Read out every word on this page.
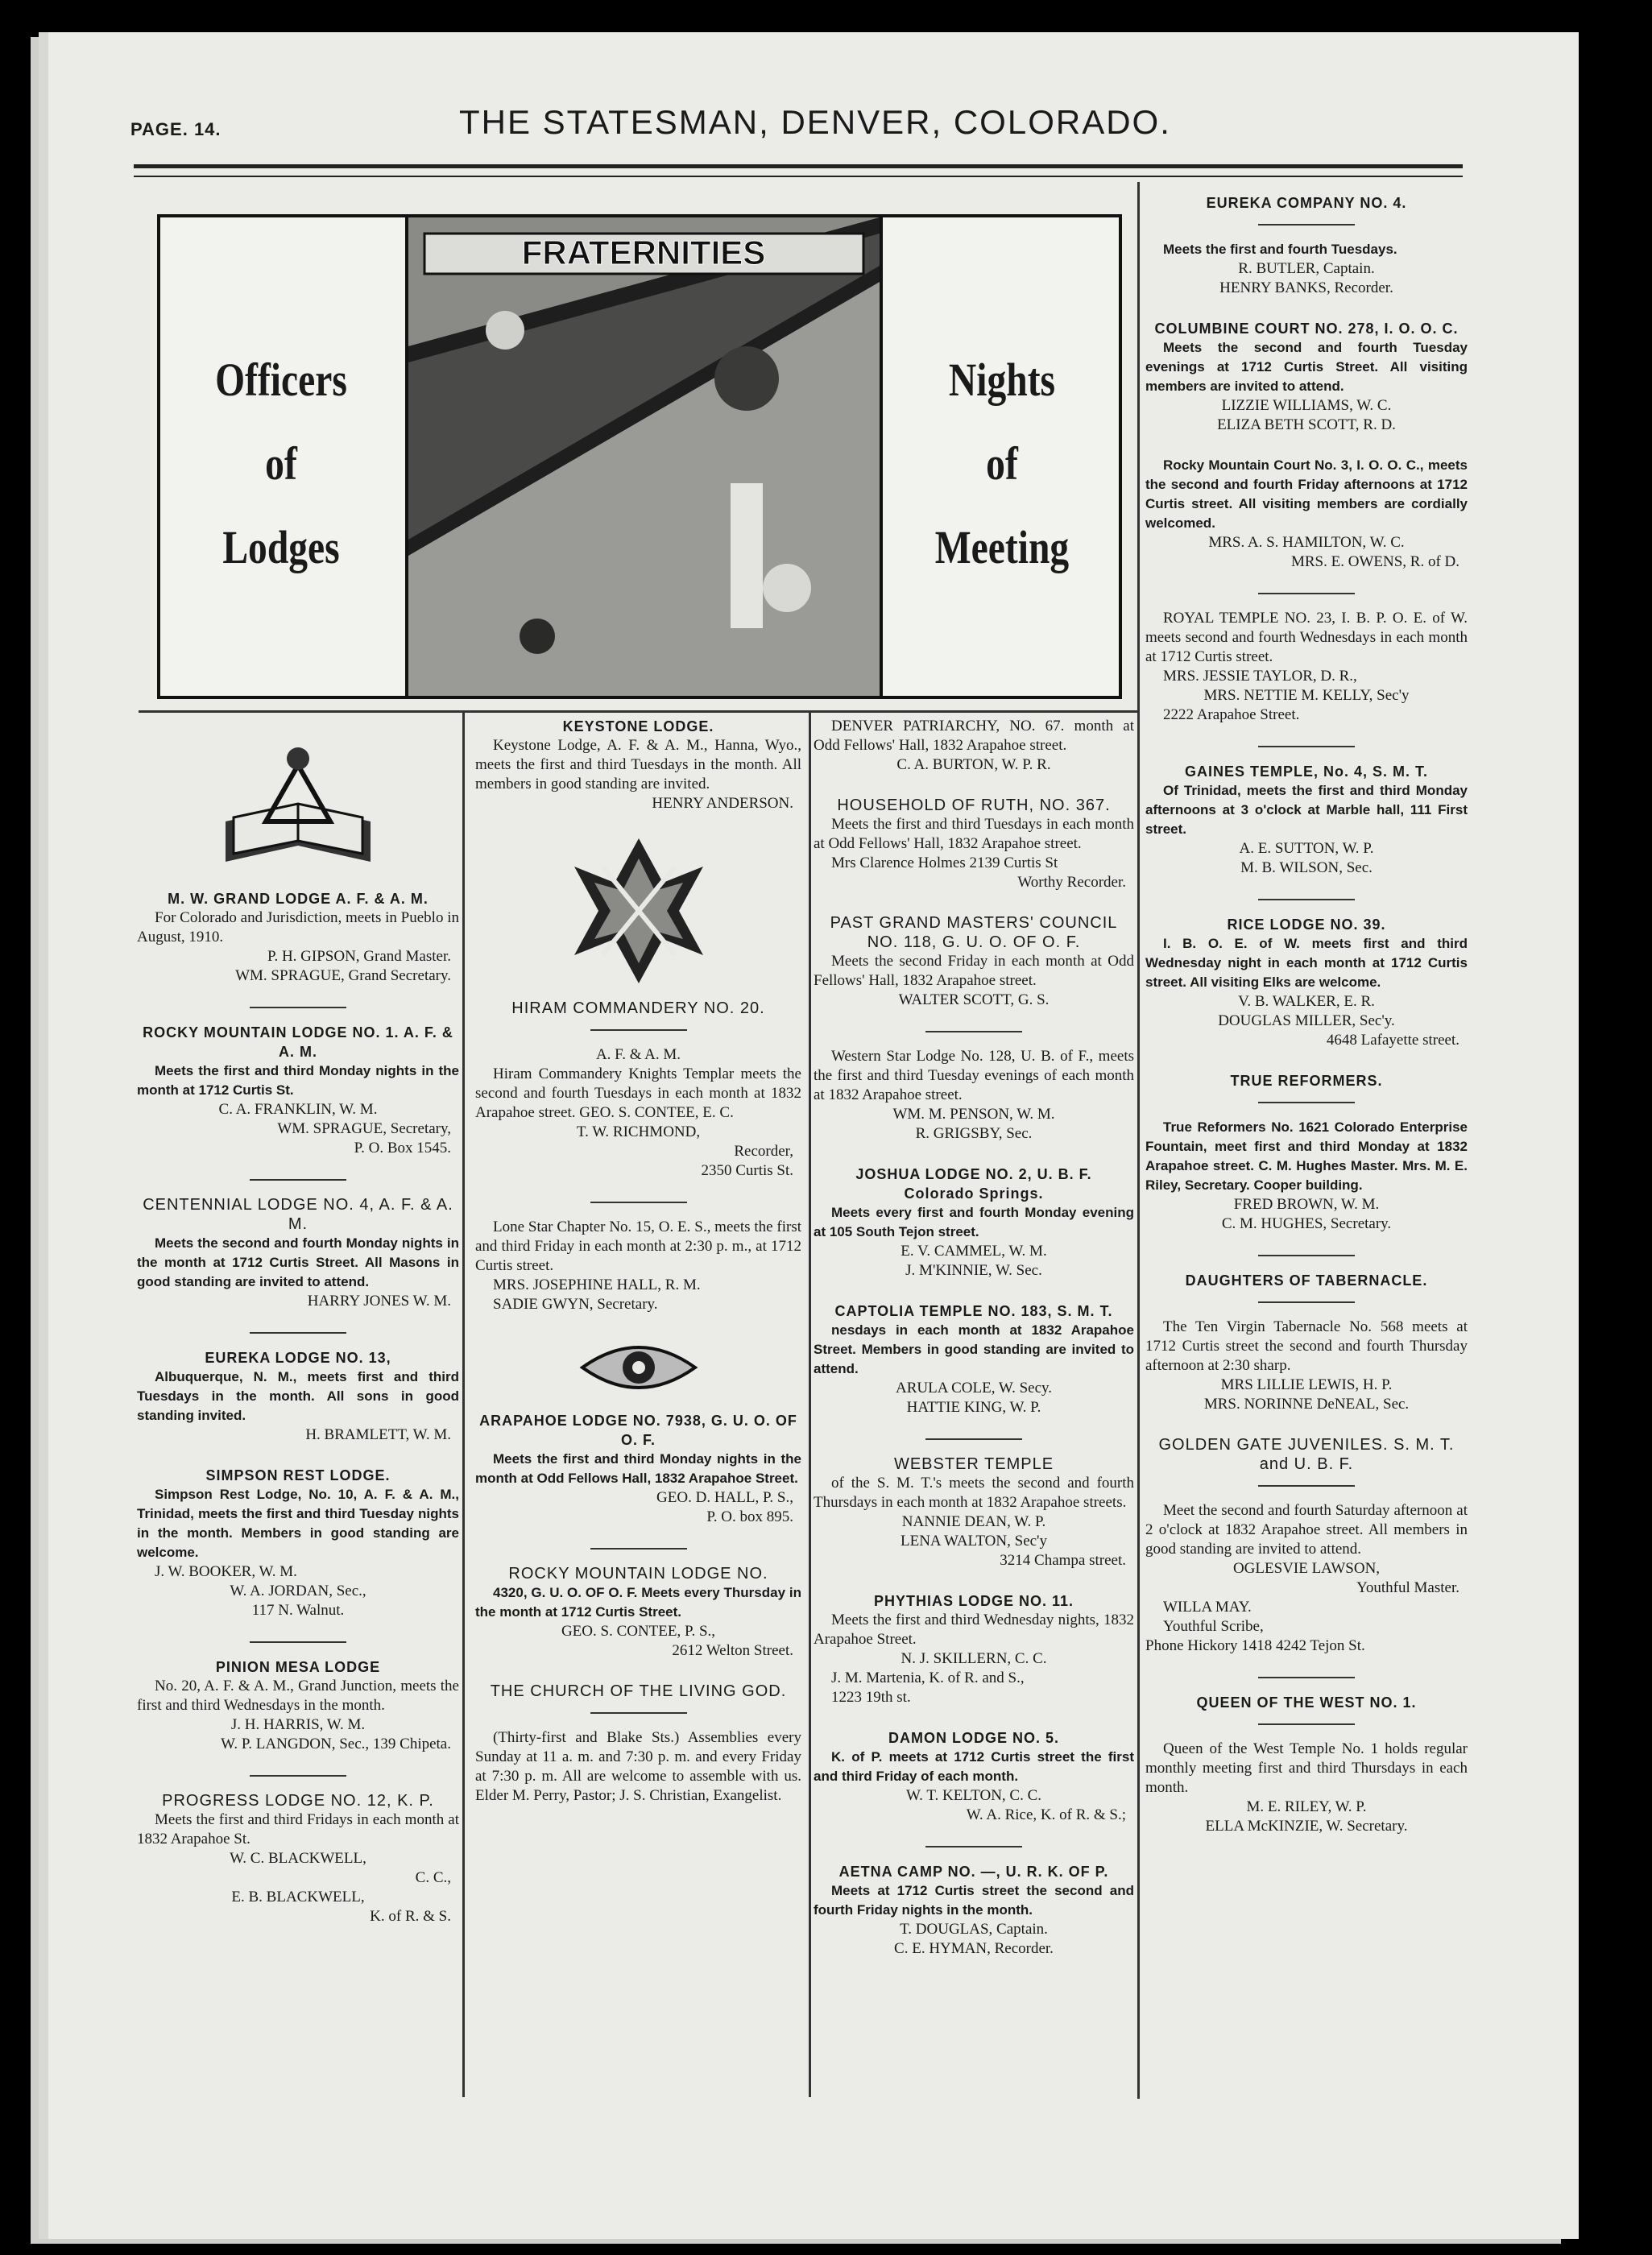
PAGE. 14.	THE STATESMAN, DENVER, COLORADO.
Officers
of
Lodges
FRATERNITIES
Nights
of
Meeting

M. W. GRAND LODGE A. F. & A. M.

For Colorado and Jurisdiction, meets in Pueblo in August, 1910.

P. H. GIPSON, Grand Master.

WM. SPRAGUE, Grand Secretary.

ROCKY MOUNTAIN LODGE NO. 1. A. F. & A. M.

Meets the first and third Monday nights in the month at 1712 Curtis St.

C. A. FRANKLIN, W. M.

WM. SPRAGUE, Secretary,

P. O. Box 1545.

CENTENNIAL LODGE NO. 4, A. F. & A. M.

Meets the second and fourth Monday nights in the month at 1712 Curtis Street. All Masons in good standing are invited to attend.

HARRY JONES W. M.

EUREKA LODGE NO. 13,

Albuquerque, N. M., meets first and third Tuesdays in the month. All sons in good standing invited.

H. BRAMLETT, W. M.

SIMPSON REST LODGE.

Simpson Rest Lodge, No. 10, A. F. & A. M., Trinidad, meets the first and third Tuesday nights in the month. Members in good standing are welcome.

J. W. BOOKER, W. M.

W. A. JORDAN, Sec.,

117 N. Walnut.

PINION MESA LODGE

No. 20, A. F. & A. M., Grand Junction, meets the first and third Wednesdays in the month.

J. H. HARRIS, W. M.

W. P. LANGDON, Sec., 139 Chipeta.

PROGRESS LODGE NO. 12, K. P.

Meets the first and third Fridays in each month at 1832 Arapahoe St.

W. C. BLACKWELL,

C. C.,

E. B. BLACKWELL,

K. of R. & S.

KEYSTONE LODGE.

Keystone Lodge, A. F. & A. M., Hanna, Wyo., meets the first and third Tuesdays in the month. All members in good standing are invited.

HENRY ANDERSON.

HIRAM COMMANDERY NO. 20.

A. F. & A. M.

Hiram Commandery Knights Templar meets the second and fourth Tuesdays in each month at 1832 Arapahoe street. GEO. S. CONTEE, E. C.

T. W. RICHMOND,

Recorder,

2350 Curtis St.

Lone Star Chapter No. 15, O. E. S., meets the first and third Friday in each month at 2:30 p. m., at 1712 Curtis street.

MRS. JOSEPHINE HALL, R. M.

SADIE GWYN, Secretary.

ARAPAHOE LODGE NO. 7938, G. U. O. OF O. F.

Meets the first and third Monday nights in the month at Odd Fellows Hall, 1832 Arapahoe Street.

GEO. D. HALL, P. S.,

P. O. box 895.

ROCKY MOUNTAIN LODGE NO.

4320, G. U. O. OF O. F. Meets every Thursday in the month at 1712 Curtis Street.

GEO. S. CONTEE, P. S.,

2612 Welton Street.

THE CHURCH OF THE LIVING GOD.

(Thirty-first and Blake Sts.) Assemblies every Sunday at 11 a. m. and 7:30 p. m. and every Friday at 7:30 p. m. All are welcome to assemble with us. Elder M. Perry, Pastor; J. S. Christian, Exangelist.

DENVER PATRIARCHY, NO. 67. month at Odd Fellows' Hall, 1832 Arapahoe street.

C. A. BURTON, W. P. R.

HOUSEHOLD OF RUTH, NO. 367.

Meets the first and third Tuesdays in each month at Odd Fellows' Hall, 1832 Arapahoe street.

Mrs Clarence Holmes 2139 Curtis St

Worthy Recorder.

PAST GRAND MASTERS' COUNCIL NO. 118, G. U. O. OF O. F.

Meets the second Friday in each month at Odd Fellows' Hall, 1832 Arapahoe street.

WALTER SCOTT, G. S.

Western Star Lodge No. 128, U. B. of F., meets the first and third Tuesday evenings of each month at 1832 Arapahoe street.

WM. M. PENSON, W. M.

R. GRIGSBY, Sec.

JOSHUA LODGE NO. 2, U. B. F.

Colorado Springs.

Meets every first and fourth Monday evening at 105 South Tejon street.

E. V. CAMMEL, W. M.

J. M'KINNIE, W. Sec.

CAPTOLIA TEMPLE NO. 183, S. M. T.

nesdays in each month at 1832 Arapahoe Street. Members in good standing are invited to attend.

ARULA COLE, W. Secy.

HATTIE KING, W. P.

WEBSTER TEMPLE

of the S. M. T.'s meets the second and fourth Thursdays in each month at 1832 Arapahoe streets.

NANNIE DEAN, W. P.

LENA WALTON, Sec'y

3214 Champa street.

PHYTHIAS LODGE NO. 11.

Meets the first and third Wednesday nights, 1832 Arapahoe Street.

N. J. SKILLERN, C. C.

J. M. Martenia, K. of R. and S.,

1223 19th st.

DAMON LODGE NO. 5.

K. of P. meets at 1712 Curtis street the first and third Friday of each month.

W. T. KELTON, C. C.

W. A. Rice, K. of R. & S.;

AETNA CAMP NO. —, U. R. K. OF P.

Meets at 1712 Curtis street the second and fourth Friday nights in the month.

T. DOUGLAS, Captain.

C. E. HYMAN, Recorder.

EUREKA COMPANY NO. 4.

Meets the first and fourth Tuesdays.

R. BUTLER, Captain.

HENRY BANKS, Recorder.

COLUMBINE COURT NO. 278, I. O. O. C.

Meets the second and fourth Tuesday evenings at 1712 Curtis Street. All visiting members are invited to attend.

LIZZIE WILLIAMS, W. C.

ELIZA BETH SCOTT, R. D.

Rocky Mountain Court No. 3, I. O. O. C., meets the second and fourth Friday afternoons at 1712 Curtis street. All visiting members are cordially welcomed.

MRS. A. S. HAMILTON, W. C.

MRS. E. OWENS, R. of D.

ROYAL TEMPLE NO. 23, I. B. P. O. E. of W. meets second and fourth Wednesdays in each month at 1712 Curtis street.

MRS. JESSIE TAYLOR, D. R.,

MRS. NETTIE M. KELLY, Sec'y

2222 Arapahoe Street.

GAINES TEMPLE, No. 4, S. M. T.

Of Trinidad, meets the first and third Monday afternoons at 3 o'clock at Marble hall, 111 First street.

A. E. SUTTON, W. P.

M. B. WILSON, Sec.

RICE LODGE NO. 39.

I. B. O. E. of W. meets first and third Wednesday night in each month at 1712 Curtis street. All visiting Elks are welcome.

V. B. WALKER, E. R.

DOUGLAS MILLER, Sec'y.

4648 Lafayette street.

TRUE REFORMERS.

True Reformers No. 1621 Colorado Enterprise Fountain, meet first and third Monday at 1832 Arapahoe street. C. M. Hughes Master. Mrs. M. E. Riley, Secretary. Cooper building.

FRED BROWN, W. M.

C. M. HUGHES, Secretary.

DAUGHTERS OF TABERNACLE.

The Ten Virgin Tabernacle No. 568 meets at 1712 Curtis street the second and fourth Thursday afternoon at 2:30 sharp.

MRS LILLIE LEWIS, H. P.

MRS. NORINNE DeNEAL, Sec.

GOLDEN GATE JUVENILES. S. M. T. and U. B. F.

Meet the second and fourth Saturday afternoon at 2 o'clock at 1832 Arapahoe street. All members in good standing are invited to attend.

OGLESVIE LAWSON,

Youthful Master.

WILLA MAY.

Youthful Scribe,

Phone Hickory 1418 4242 Tejon St.

QUEEN OF THE WEST NO. 1.

Queen of the West Temple No. 1 holds regular monthly meeting first and third Thursdays in each month.

M. E. RILEY, W. P.

ELLA McKINZIE, W. Secretary.
